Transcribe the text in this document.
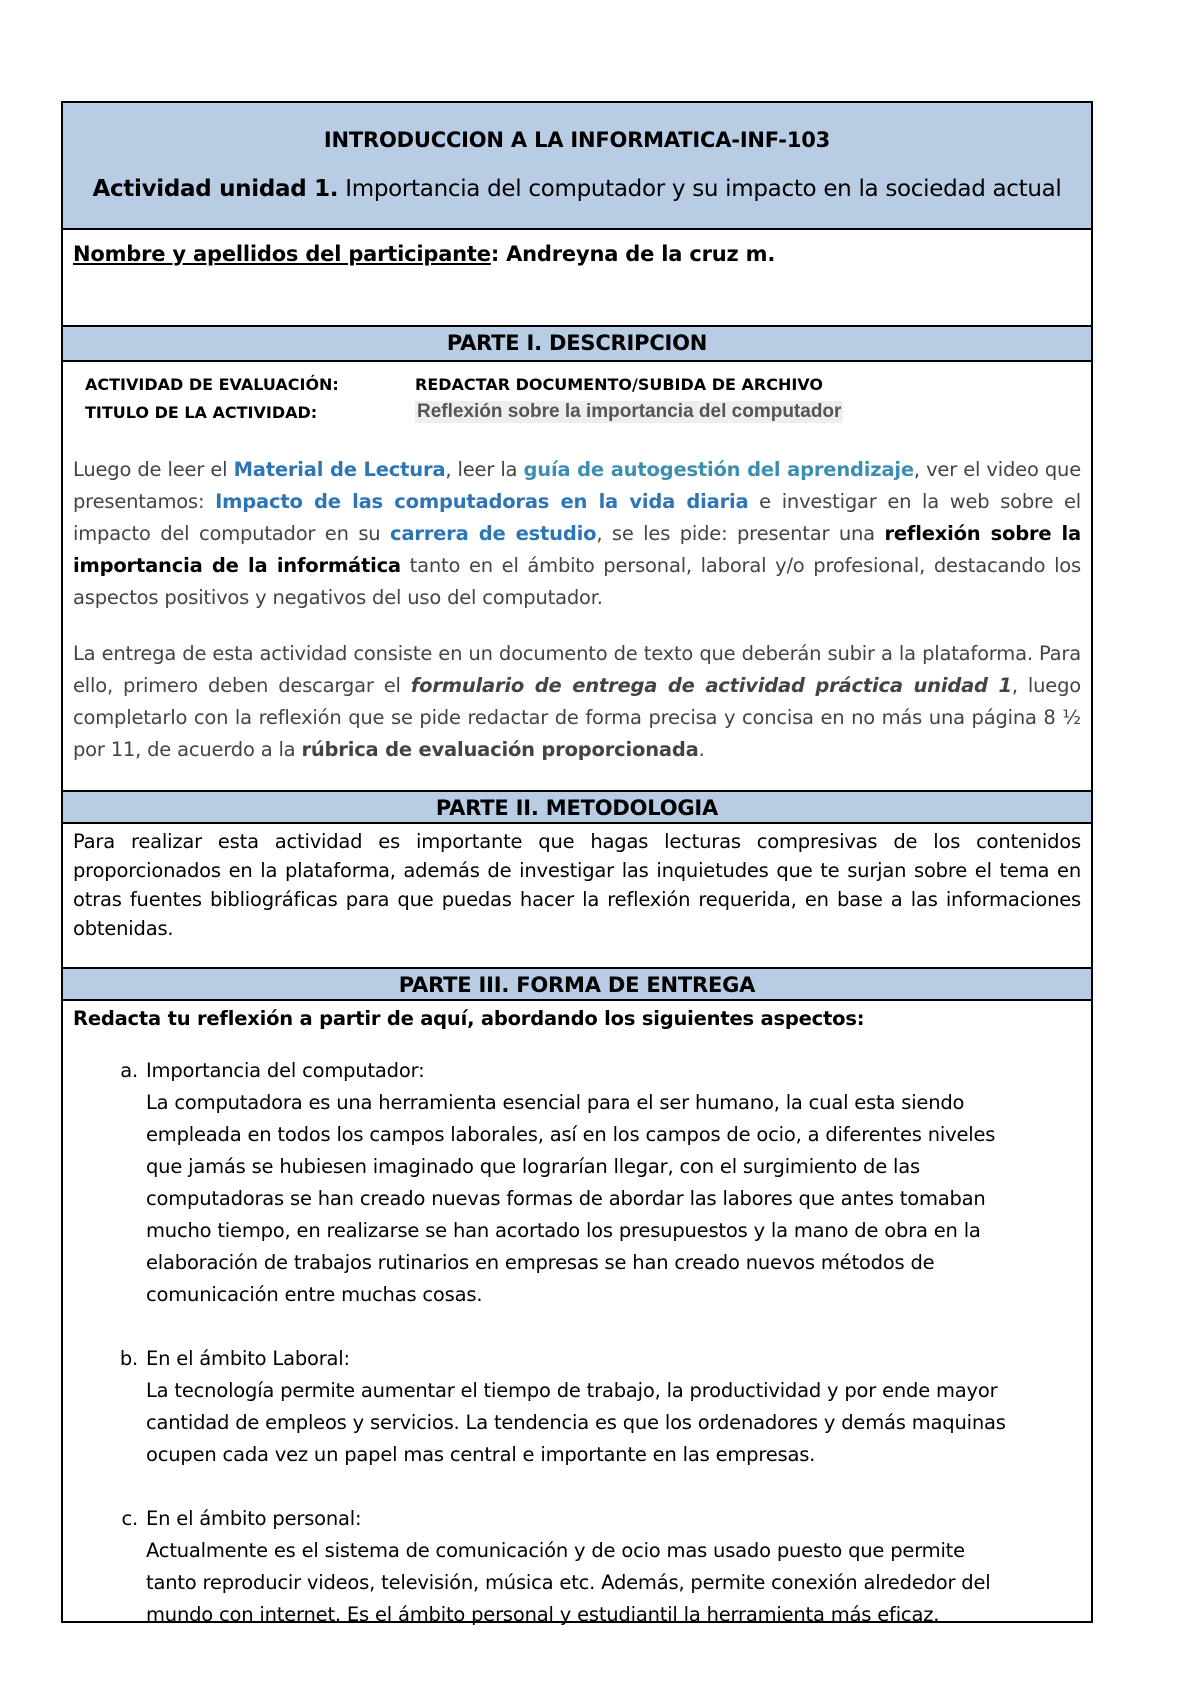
INTRODUCCION A LA INFORMATICA-INF-103
Actividad unidad 1. Importancia del computador y su impacto en la sociedad actual
Nombre y apellidos del participante: Andreyna de la cruz m.
PARTE I. DESCRIPCION
ACTIVIDAD DE EVALUACIÓN:	REDACTAR DOCUMENTO/SUBIDA DE ARCHIVO
TITULO DE LA ACTIVIDAD:	Reflexión sobre la importancia del computador

Luego de leer el Material de Lectura, leer la guía de autogestión del aprendizaje, ver el video que presentamos: Impacto de las computadoras en la vida diaria e investigar en la web sobre el impacto del computador en su carrera de estudio, se les pide: presentar una reflexión sobre la importancia de la informática tanto en el ámbito personal, laboral y/o profesional, destacando los aspectos positivos y negativos del uso del computador.

La entrega de esta actividad consiste en un documento de texto que deberán subir a la plataforma. Para ello, primero deben descargar el formulario de entrega de actividad práctica unidad 1, luego completarlo con la reflexión que se pide redactar de forma precisa y concisa en no más una página 8 ½ por 11, de acuerdo a la rúbrica de evaluación proporcionada.

PARTE II. METODOLOGIA
Para realizar esta actividad es importante que hagas lecturas compresivas de los contenidos proporcionados en la plataforma, además de investigar las inquietudes que te surjan sobre el tema en otras fuentes bibliográficas para que puedas hacer la reflexión requerida, en base a las informaciones obtenidas.
PARTE III. FORMA DE ENTREGA
Redacta tu reflexión a partir de aquí, abordando los siguientes aspectos:
a. Importancia del computador:
La computadora es una herramienta esencial para el ser humano, la cual esta siendo empleada en todos los campos laborales, así en los campos de ocio, a diferentes niveles que jamás se hubiesen imaginado que lograrían llegar, con el surgimiento de las computadoras se han creado nuevas formas de abordar las labores que antes tomaban mucho tiempo, en realizarse se han acortado los presupuestos y la mano de obra en la elaboración de trabajos rutinarios en empresas se han creado nuevos métodos de comunicación entre muchas cosas.
b. En el ámbito Laboral:
La tecnología permite aumentar el tiempo de trabajo, la productividad y por ende mayor cantidad de empleos y servicios. La tendencia es que los ordenadores y demás maquinas ocupen cada vez un papel mas central e importante en las empresas.
c. En el ámbito personal:
Actualmente es el sistema de comunicación y de ocio mas usado puesto que permite tanto reproducir videos, televisión, música etc. Además, permite conexión alrededor del mundo con internet. Es el ámbito personal y estudiantil la herramienta más eficaz.
